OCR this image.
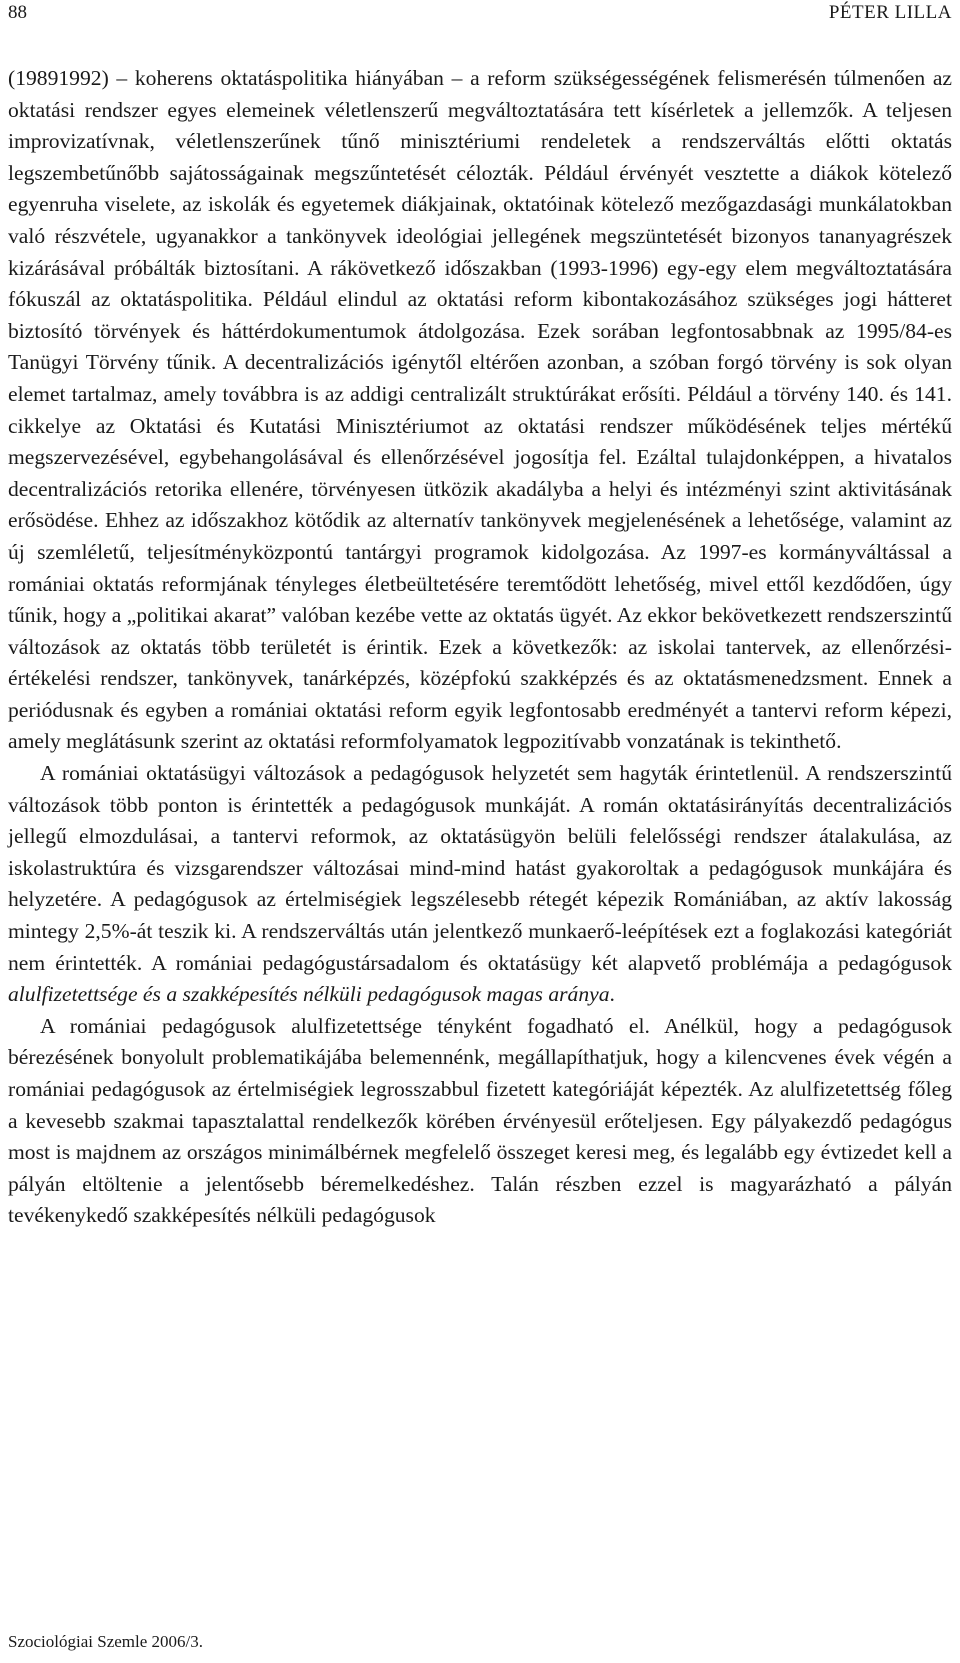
88	PÉTER LILLA

(19891992) – koherens oktatáspolitika hiányában – a reform szükségességének felismerésén túlmenően az oktatási rendszer egyes elemeinek véletlenszerű megváltoztatására tett kísérletek a jellemzők. A teljesen improvizatívnak, véletlenszerűnek tűnő minisztériumi rendeletek a rendszerváltás előtti oktatás legszembetűnőbb sajátosságainak megszűntetését célozták. Például érvényét vesztette a diákok kötelező egyenruha viselete, az iskolák és egyetemek diákjainak, oktatóinak kötelező mezőgazdasági munkálatokban való részvétele, ugyanakkor a tankönyvek ideológiai jellegének megszüntetését bizonyos tananyagrészek kizárásával próbálták biztosítani. A rákövetkező időszakban (1993-1996) egy-egy elem megváltoztatására fókuszál az oktatáspolitika. Például elindul az oktatási reform kibontakozásához szükséges jogi hátteret biztosító törvények és háttérdokumentumok átdolgozása. Ezek sorában legfontosabbnak az 1995/84-es Tanügyi Törvény tűnik. A decentralizációs igénytől eltérően azonban, a szóban forgó törvény is sok olyan elemet tartalmaz, amely továbbra is az addigi centralizált struktúrákat erősíti. Például a törvény 140. és 141. cikkelye az Oktatási és Kutatási Minisztériumot az oktatási rendszer működésének teljes mértékű megszervezésével, egybehangolásával és ellenőrzésével jogosítja fel. Ezáltal tulajdonképpen, a hivatalos decentralizációs retorika ellenére, törvényesen ütközik akadályba a helyi és intézményi szint aktivitásának erősödése. Ehhez az időszakhoz kötődik az alternatív tankönyvek megjelenésének a lehetősége, valamint az új szemléletű, teljesítményközpontú tantárgyi programok kidolgozása. Az 1997-es kormányváltással a romániai oktatás reformjának tényleges életbeültetésére teremtődött lehetőség, mivel ettől kezdődően, úgy tűnik, hogy a „politikai akarat” valóban kezébe vette az oktatás ügyét. Az ekkor bekövetkezett rendszerszintű változások az oktatás több területét is érintik. Ezek a következők: az iskolai tantervek, az ellenőrzési-értékelési rendszer, tankönyvek, tanárképzés, középfokú szakképzés és az oktatásmenedzsment. Ennek a periódusnak és egyben a romániai oktatási reform egyik legfontosabb eredményét a tantervi reform képezi, amely meglátásunk szerint az oktatási reformfolyamatok legpozitívabb vonzatának is tekinthető.

A romániai oktatásügyi változások a pedagógusok helyzetét sem hagyták érintetlenül. A rendszerszintű változások több ponton is érintették a pedagógusok munkáját. A román oktatásirányítás decentralizációs jellegű elmozdulásai, a tantervi reformok, az oktatásügyön belüli felelősségi rendszer átalakulása, az iskolastruktúra és vizsgarendszer változásai mind-mind hatást gyakoroltak a pedagógusok munkájára és helyzetére. A pedagógusok az értelmiségiek legszélesebb rétegét képezik Romániában, az aktív lakosság mintegy 2,5%-át teszik ki. A rendszerváltás után jelentkező munkaerő-leépítések ezt a foglakozási kategóriát nem érintették. A romániai pedagógustársadalom és oktatásügy két alapvető problémája a pedagógusok alulfizetettsége és a szakképesítés nélküli pedagógusok magas aránya.

A romániai pedagógusok alulfizetettsége tényként fogadható el. Anélkül, hogy a pedagógusok bérezésének bonyolult problematikájába belemennénk, megállapíthatjuk, hogy a kilencvenes évek végén a romániai pedagógusok az értelmiségiek legrosszabbul fizetett kategóriáját képezték. Az alulfizetettség főleg a kevesebb szakmai tapasztalattal rendelkezők körében érvényesül erőteljesen. Egy pályakezdő pedagógus most is majdnem az országos minimálbérnek megfelelő összeget keresi meg, és legalább egy évtizedet kell a pályán eltöltenie a jelentősebb béremelkedéshez. Talán részben ezzel is magyarázható a pályán tevékenykedő szakképesítés nélküli pedagógusok

Szociológiai Szemle 2006/3.
